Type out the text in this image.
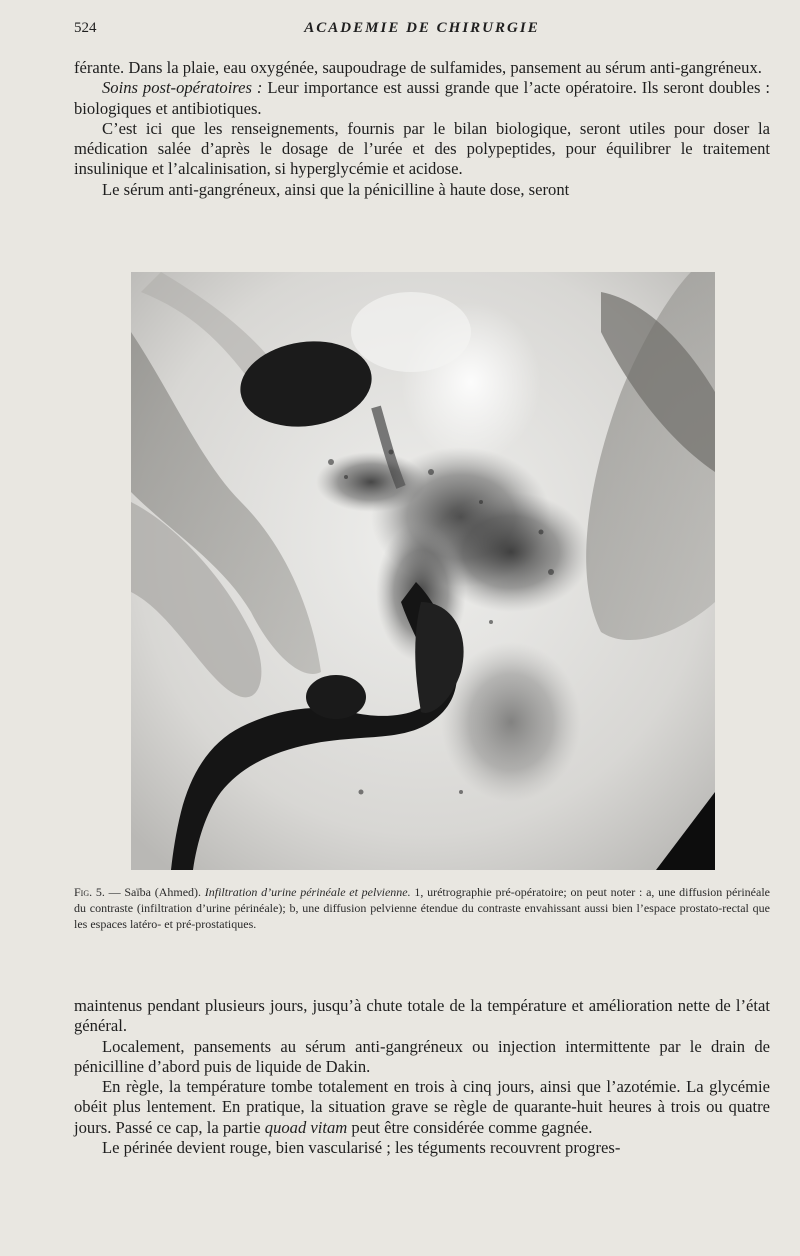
524	ACADEMIE DE CHIRURGIE

férante. Dans la plaie, eau oxygénée, saupoudrage de sulfamides, pansement au sérum anti-gangréneux.

Soins post-opératoires : Leur importance est aussi grande que l’acte opératoire. Ils seront doubles : biologiques et antibiotiques.

C’est ici que les renseignements, fournis par le bilan biologique, seront utiles pour doser la médication salée d’après le dosage de l’urée et des polypeptides, pour équilibrer le traitement insulinique et l’alcalinisation, si hyperglycémie et acidose.

Le sérum anti-gangréneux, ainsi que la pénicilline à haute dose, seront

Fig. 5. — Saïba (Ahmed). Infiltration d’urine périnéale et pelvienne. 1, urétrographie pré-opératoire; on peut noter : a, une diffusion périnéale du contraste (infiltration d’urine périnéale); b, une diffusion pelvienne étendue du contraste envahissant aussi bien l’espace prostato-rectal que les espaces latéro- et pré-prostatiques.

maintenus pendant plusieurs jours, jusqu’à chute totale de la température et amélioration nette de l’état général.

Localement, pansements au sérum anti-gangréneux ou injection intermittente par le drain de pénicilline d’abord puis de liquide de Dakin.

En règle, la température tombe totalement en trois à cinq jours, ainsi que l’azotémie. La glycémie obéit plus lentement. En pratique, la situation grave se règle de quarante-huit heures à trois ou quatre jours. Passé ce cap, la partie quoad vitam peut être considérée comme gagnée.

Le périnée devient rouge, bien vascularisé ; les téguments recouvrent progres-
